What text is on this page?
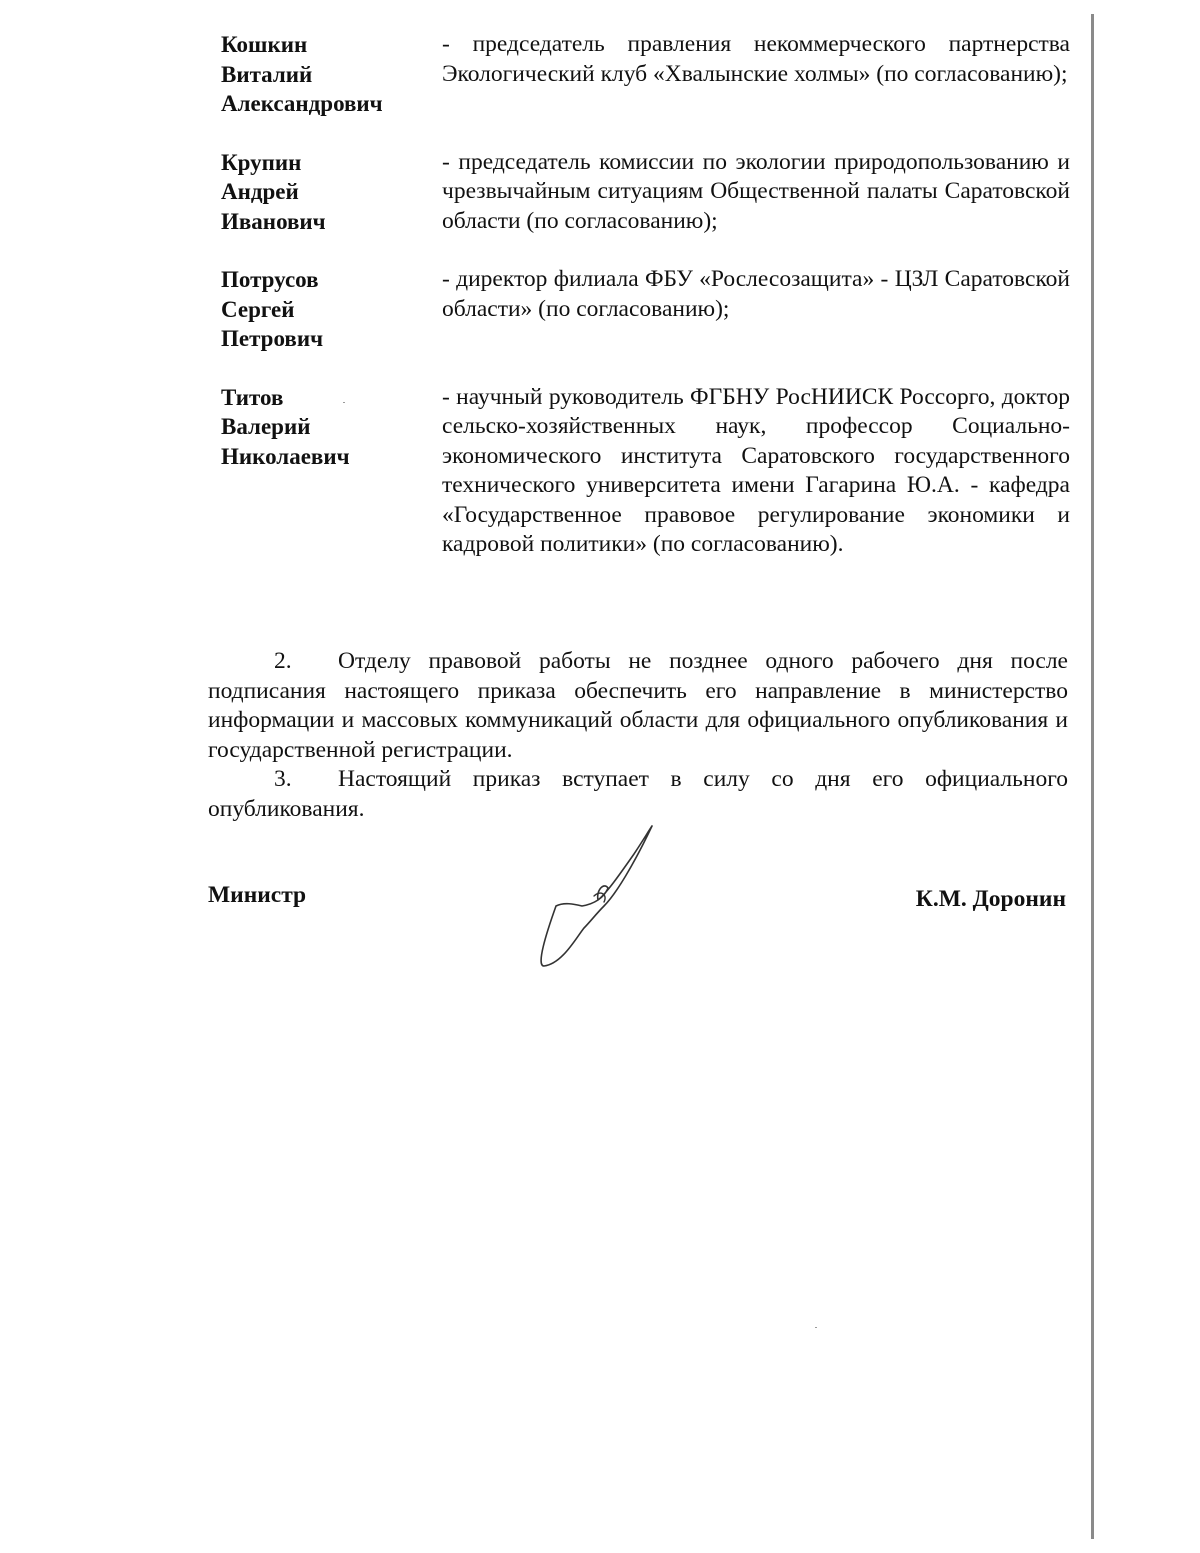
Кошкин
Виталий
Александрович
- председатель правления некоммерческого партнерства Экологический клуб «Хвалынские холмы» (по согласованию);
Крупин
Андрей
Иванович
- председатель комиссии по экологии природопользованию и чрезвычайным ситуациям Общественной палаты Саратовской области (по согласованию);
Потрусов
Сергей
Петрович
- директор филиала ФБУ «Рослесозащита» - ЦЗЛ Саратовской области» (по согласованию);
Титов
Валерий
Николаевич
- научный руководитель ФГБНУ РосНИИСК Россорго, доктор сельско-хозяйственных наук, профессор Социально-экономического института Саратовского государственного технического университета имени Гагарина Ю.А. - кафедра «Государственное правовое регулирование экономики и кадровой политики» (по согласованию).

2. Отделу правовой работы не позднее одного рабочего дня после подписания настоящего приказа обеспечить его направление в министерство информации и массовых коммуникаций области для официального опубликования и государственной регистрации.

3. Настоящий приказ вступает в силу со дня его официального опубликования.

Министр	К.М. Доронин
